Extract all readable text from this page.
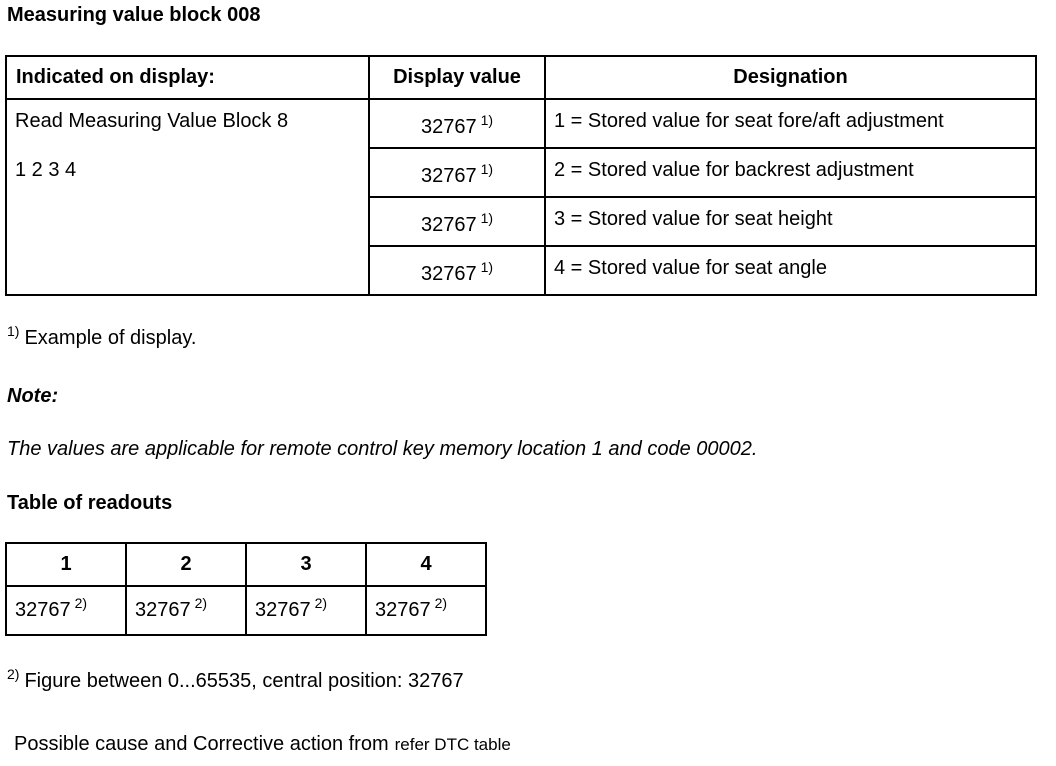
Measuring value block 008
Indicated on display:	Display value	Designation
Read Measuring Value Block 8
1 2 3 4	32767 $^{1)}$	1 = Stored value for seat fore/aft adjustment
	32767 $^{1)}$	2 = Stored value for backrest adjustment
	32767 $^{1)}$	3 = Stored value for seat height
	32767 $^{1)}$	4 = Stored value for seat angle
$^{1)}$ Example of display.
Note:
The values are applicable for remote control key memory location 1 and code 00002.
Table of readouts
1	2	3	4
32767 $^{2)}$	32767 $^{2)}$	32767 $^{2)}$	32767 $^{2)}$
$^{2)}$ Figure between 0...65535, central position: 32767
Possible cause and Corrective action from refer DTC table
